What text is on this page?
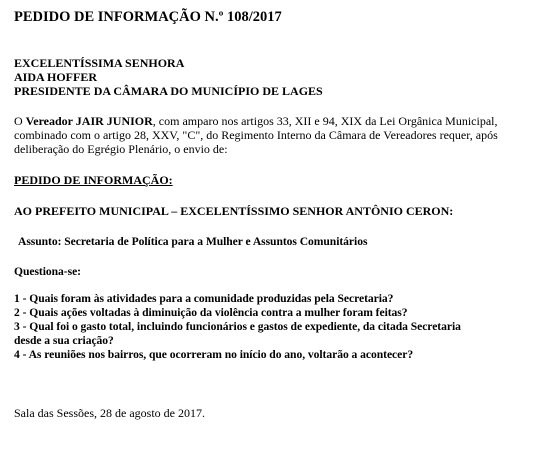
PEDIDO DE INFORMAÇÃO N.º 108/2017
EXCELENTÍSSIMA SENHORA
AIDA HOFFER
PRESIDENTE DA CÂMARA DO MUNICÍPIO DE LAGES
O Vereador JAIR JUNIOR, com amparo nos artigos 33, XII e 94, XIX da Lei Orgânica Municipal,
combinado com o artigo 28, XXV, "C", do Regimento Interno da Câmara de Vereadores requer, após
deliberação do Egrégio Plenário, o envio de:
PEDIDO DE INFORMAÇÃO:
AO PREFEITO MUNICIPAL – EXCELENTÍSSIMO SENHOR ANTÔNIO CERON:
Assunto: Secretaria de Política para a Mulher e Assuntos Comunitários
Questiona-se:
1 - Quais foram às atividades para a comunidade produzidas pela Secretaria?
2 - Quais ações voltadas à diminuição da violência contra a mulher foram feitas?
3 - Qual foi o gasto total, incluindo funcionários e gastos de expediente, da citada Secretaria
desde a sua criação?
4 - As reuniões nos bairros, que ocorreram no início do ano, voltarão a acontecer?
Sala das Sessões, 28 de agosto de 2017.
